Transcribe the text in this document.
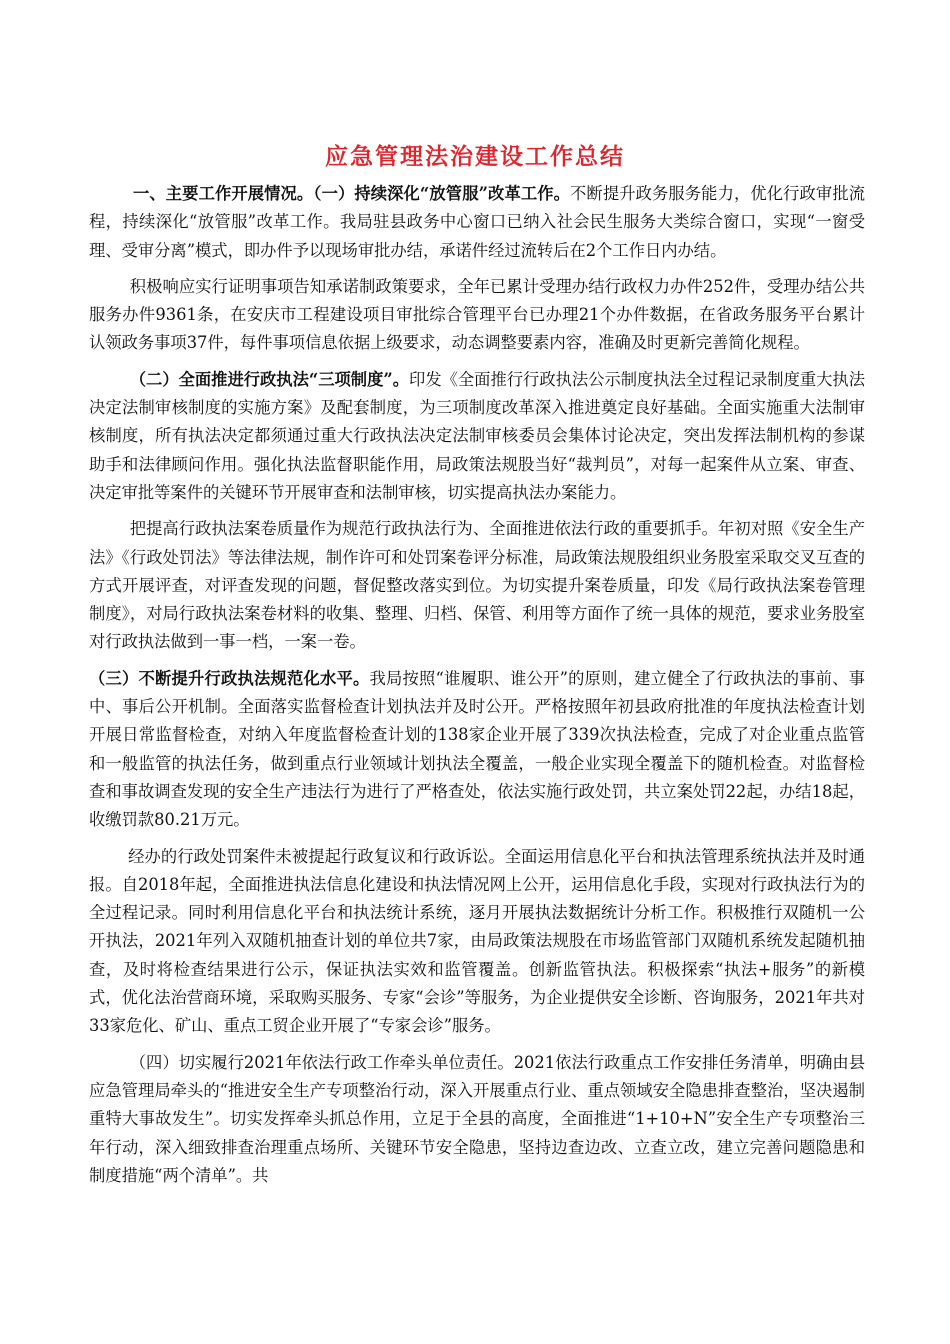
应急管理法治建设工作总结

一、主要工作开展情况。（一）持续深化“放管服”改革工作。不断提升政务服务能力，优化行政审批流程，持续深化“放管服”改革工作。我局驻县政务中心窗口已纳入社会民生服务大类综合窗口，实现“一窗受理、受审分离”模式，即办件予以现场审批办结，承诺件经过流转后在2个工作日内办结。

积极响应实行证明事项告知承诺制政策要求，全年已累计受理办结行政权力办件252件，受理办结公共服务办件9361条，在安庆市工程建设项目审批综合管理平台已办理21个办件数据，在省政务服务平台累计认领政务事项37件，每件事项信息依据上级要求，动态调整要素内容，准确及时更新完善简化规程。

（二）全面推进行政执法“三项制度”。印发《全面推行行政执法公示制度执法全过程记录制度重大执法决定法制审核制度的实施方案》及配套制度，为三项制度改革深入推进奠定良好基础。全面实施重大法制审核制度，所有执法决定都须通过重大行政执法决定法制审核委员会集体讨论决定，突出发挥法制机构的参谋助手和法律顾问作用。强化执法监督职能作用，局政策法规股当好“裁判员”，对每一起案件从立案、审查、决定审批等案件的关键环节开展审查和法制审核，切实提高执法办案能力。

把提高行政执法案卷质量作为规范行政执法行为、全面推进依法行政的重要抓手。年初对照《安全生产法》《行政处罚法》等法律法规，制作许可和处罚案卷评分标准，局政策法规股组织业务股室采取交叉互查的方式开展评查，对评查发现的问题，督促整改落实到位。为切实提升案卷质量，印发《局行政执法案卷管理制度》，对局行政执法案卷材料的收集、整理、归档、保管、利用等方面作了统一具体的规范，要求业务股室对行政执法做到一事一档，一案一卷。

（三）不断提升行政执法规范化水平。我局按照“谁履职、谁公开”的原则，建立健全了行政执法的事前、事中、事后公开机制。全面落实监督检查计划执法并及时公开。严格按照年初县政府批准的年度执法检查计划开展日常监督检查，对纳入年度监督检查计划的138家企业开展了339次执法检查，完成了对企业重点监管和一般监管的执法任务，做到重点行业领域计划执法全覆盖，一般企业实现全覆盖下的随机检查。对监督检查和事故调查发现的安全生产违法行为进行了严格查处，依法实施行政处罚，共立案处罚22起，办结18起，收缴罚款80.21万元。

经办的行政处罚案件未被提起行政复议和行政诉讼。全面运用信息化平台和执法管理系统执法并及时通报。自2018年起，全面推进执法信息化建设和执法情况网上公开，运用信息化手段，实现对行政执法行为的全过程记录。同时利用信息化平台和执法统计系统，逐月开展执法数据统计分析工作。积极推行双随机一公开执法，2021年列入双随机抽查计划的单位共7家，由局政策法规股在市场监管部门双随机系统发起随机抽查，及时将检查结果进行公示，保证执法实效和监管覆盖。创新监管执法。积极探索“执法+服务”的新模式，优化法治营商环境，采取购买服务、专家“会诊”等服务，为企业提供安全诊断、咨询服务，2021年共对33家危化、矿山、重点工贸企业开展了“专家会诊”服务。

（四）切实履行2021年依法行政工作牵头单位责任。2021依法行政重点工作安排任务清单，明确由县应急管理局牵头的“推进安全生产专项整治行动，深入开展重点行业、重点领域安全隐患排查整治，坚决遏制重特大事故发生”。切实发挥牵头抓总作用，立足于全县的高度，全面推进“1+10+N”安全生产专项整治三年行动，深入细致排查治理重点场所、关键环节安全隐患，坚持边查边改、立查立改，建立完善问题隐患和制度措施“两个清单”。共
